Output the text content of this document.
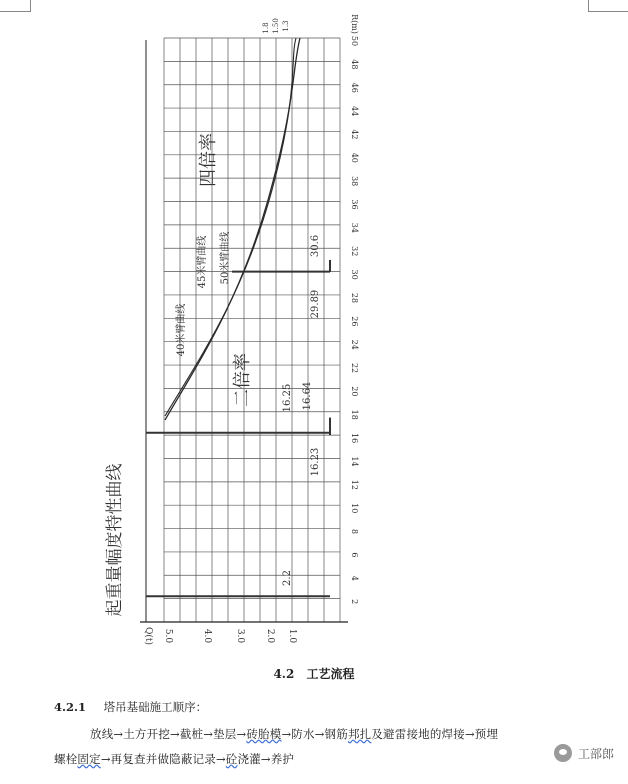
2
4
6
8
10
12
14
16
18
20
22
24
26
28
30
32
34
36
38
40
42
44
46
48
50
R(m)
5.0	4.0	3.0 2.0 1.0
Q(t)
起重量幅度特性曲线
二倍率
四倍率
40米臂曲线
45米臂曲线 50米臂曲线
2.2
16.23
16.25 16.64
29.89
30.6
1.8 1.50 1.3
4.2 工艺流程
4.2.1 塔吊基础施工顺序：
放线→土方开挖→截桩→垫层→砖胎模→防水→钢筋邦扎及避雷接地的焊接→预埋
螺栓固定→再复查并做隐蔽记录→砼浇灌→养护	工部郎
